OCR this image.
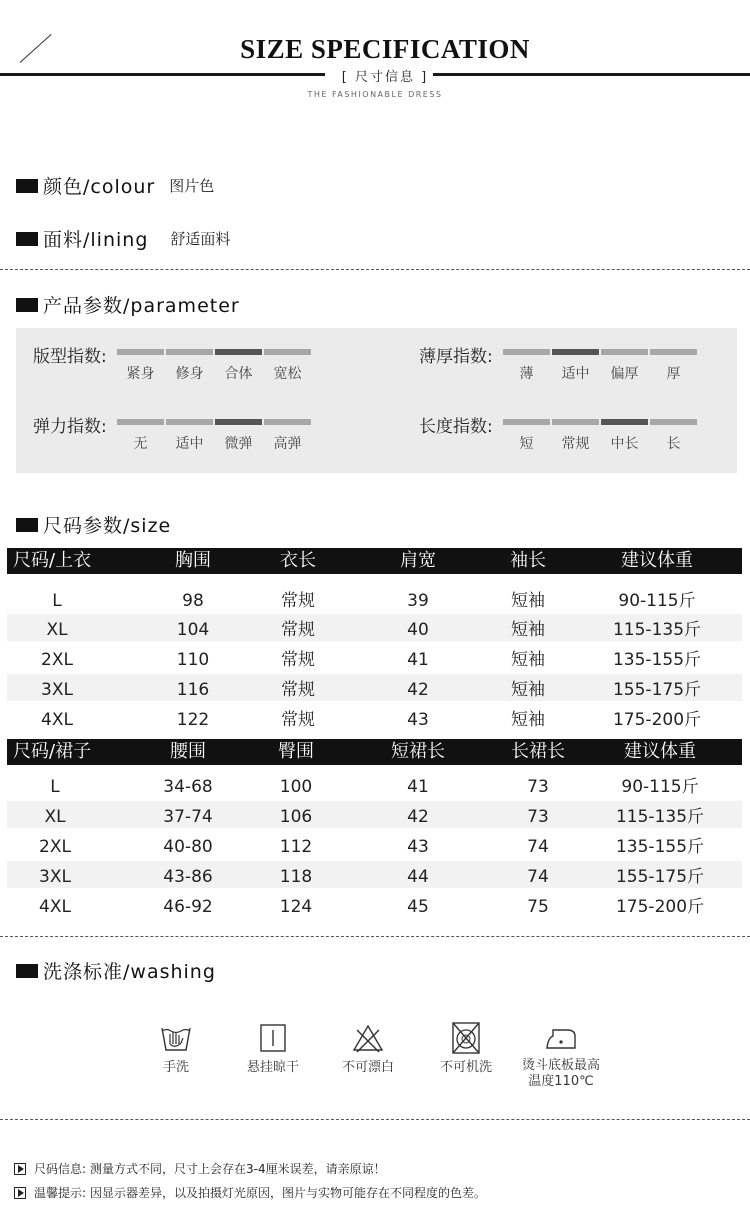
SIZE SPECIFICATION
[ 尺寸信息 ]
THE FASHIONABLE DRESS
颜色/colour 图片色
面料/lining 舒适面料
产品参数/parameter
版型指数:
紧身	修身	合体	宽松
薄厚指数:
薄	适中	偏厚	厚
弹力指数:
无	适中	微弹	高弹
长度指数:
短	常规	中长	长
尺码参数/size
尺码/上衣	胸围	衣长	肩宽	袖长	建议体重
L	98	常规	39	短袖	90-115斤
XL	104	常规	40	短袖	115-135斤
2XL	110	常规	41	短袖	135-155斤
3XL	116	常规	42	短袖	155-175斤
4XL	122	常规	43	短袖	175-200斤
尺码/裙子	腰围	臀围	短裙长	长裙长	建议体重
L	34-68	100	41	73	90-115斤
XL	37-74	106	42	73	115-135斤
2XL	40-80	112	43	74	135-155斤
3XL	43-86	118	44	74	155-175斤
4XL	46-92	124	45	75	175-200斤
洗涤标准/washing
手洗	悬挂晾干	不可漂白	不可机洗	烫斗底板最高
温度110℃
尺码信息: 测量方式不同，尺寸上会存在3-4厘米误差，请亲原谅！
温馨提示: 因显示器差异，以及拍摄灯光原因，图片与实物可能存在不同程度的色差。
